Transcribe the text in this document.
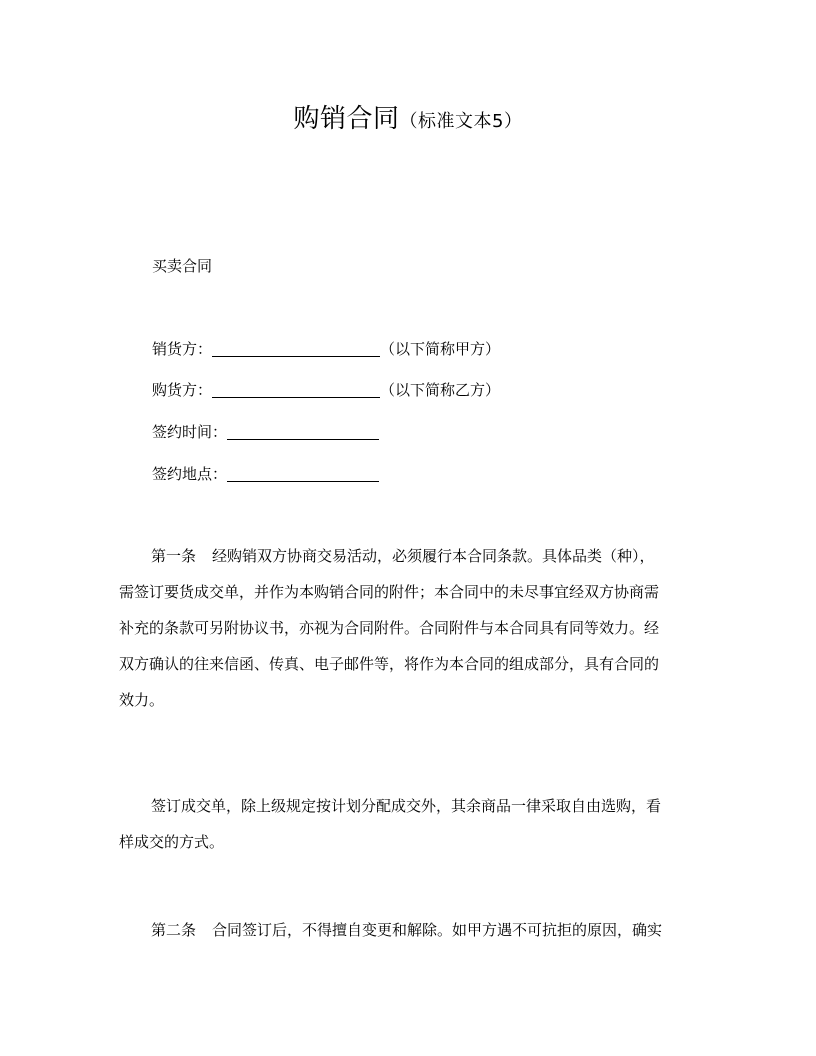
购销合同（标准文本5）
买卖合同
销货方：	（以下简称甲方）
购货方：	（以下简称乙方）
签约时间：
签约地点：
第一条 经购销双方协商交易活动，必须履行本合同条款。具体品类（种），
需签订要货成交单，并作为本购销合同的附件；本合同中的未尽事宜经双方协商需
补充的条款可另附协议书，亦视为合同附件。合同附件与本合同具有同等效力。经
双方确认的往来信函、传真、电子邮件等，将作为本合同的组成部分，具有合同的
效力。
签订成交单，除上级规定按计划分配成交外，其余商品一律采取自由选购，看
样成交的方式。
第二条 合同签订后，不得擅自变更和解除。如甲方遇不可抗拒的原因，确实
